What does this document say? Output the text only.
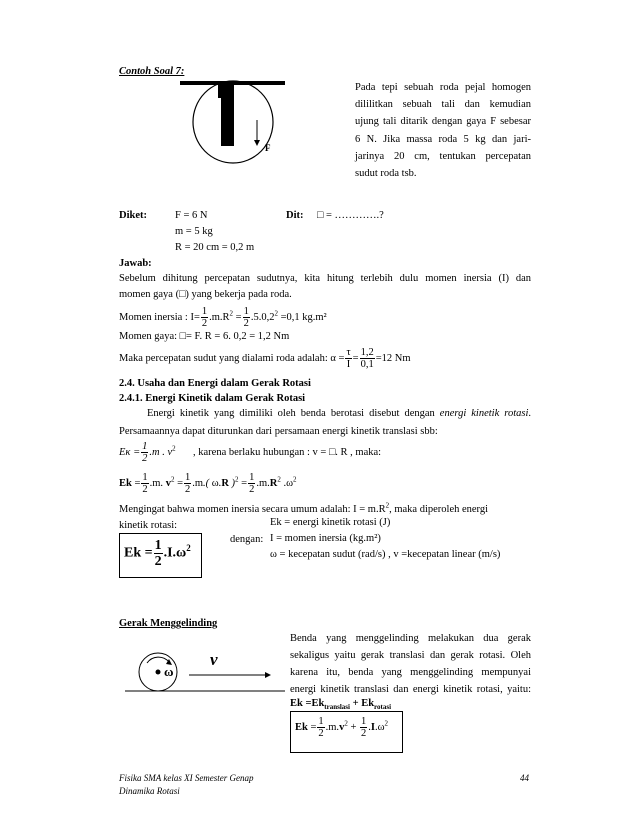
Contoh Soal 7:
F
Pada tepi sebuah roda pejal homogen
dililitkan sebuah tali dan kemudian
ujung tali ditarik dengan gaya F sebesar
6 N. Jika massa roda 5 kg dan jari-
jarinya 20 cm, tentukan percepatan
sudut roda tsb.
Diket:	F = 6 N
m = 5 kg
R = 20 cm = 0,2 m
Dit: □ = ………….?
Jawab:
Sebelum dihitung percepatan sudutnya, kita hitung terlebih dulu momen inersia (I) dan
momen gaya (□) yang bekerja pada roda.
Momen inersia : $I= \frac{1}{2} .m.R^2 = \frac{1}{2} .5.0,2^2 =0,1$ kg.m²
Momen gaya: □= F. R = 6. 0,2 = 1,2 Nm
Maka percepatan sudut yang dialami roda adalah: $\alpha = \frac{\tau}{I} = \frac{1,2}{0,1} =12$ Nm
2.4. Usaha dan Energi dalam Gerak Rotasi
2.4.1. Energi Kinetik dalam Gerak Rotasi
Energi kinetik yang dimiliki oleh benda berotasi disebut dengan energi kinetik rotasi. Persamaannya dapat diturunkan dari persamaan energi kinetik translasi sbb:
$E\kappa = \frac{1}{2} .m$ . $v^2$ , karena berlaku hubungan : v = □. R , maka:
$Ek = \frac{1}{2} .m$. $v^2 = \frac{1}{2} .m$.( ω.R )$^2 = \frac{1}{2} .m.R^2$ $.\omega^2$
Mengingat bahwa momen inersia secara umum adalah: $I = m.R^2$, maka diperoleh energi
kinetik rotasi:
$Ek = \frac{1}{2} .I.\omega^2$
dengan:
Ek = energi kinetik rotasi (J)
I = momen inersia (kg.m²)
ω = kecepatan sudut (rad/s) , v =kecepatan linear (m/s)
Gerak Menggelinding
v
ω
Benda yang menggelinding melakukan dua gerak
sekaligus yaitu gerak translasi dan gerak rotasi. Oleh
karena itu, benda yang menggelinding mempunyai
energi kinetik translasi dan energi kinetik rotasi, yaitu:
$Ek =Ek_{translasi} + Ek_{rotasi}$
$Ek = \frac{1}{2} .m.v^2 + \frac{1}{2} .I.\omega^2$
Fisika SMA kelas XI Semester Genap
Dinamika Rotasi
44
